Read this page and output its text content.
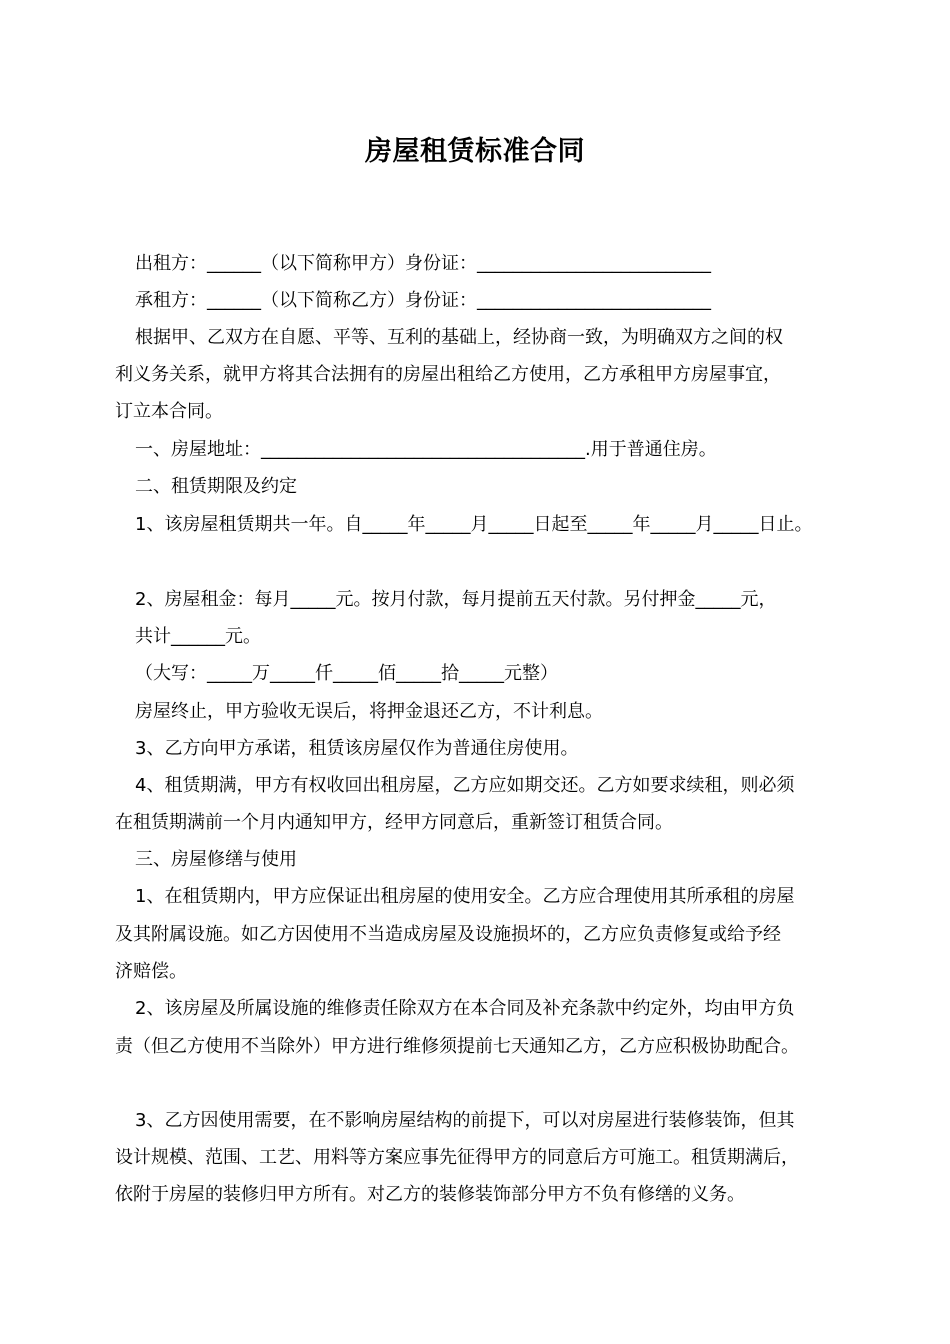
房屋租赁标准合同
出租方：______（以下简称甲方）身份证：__________________________
承租方：______（以下简称乙方）身份证：__________________________
根据甲、乙双方在自愿、平等、互利的基础上，经协商一致，为明确双方之间的权
利义务关系，就甲方将其合法拥有的房屋出租给乙方使用，乙方承租甲方房屋事宜，
订立本合同。
一、房屋地址：____________________________________.用于普通住房。
二、租赁期限及约定
1、该房屋租赁期共一年。自_____年_____月_____日起至_____年_____月_____日止。
2、房屋租金：每月_____元。按月付款，每月提前五天付款。另付押金_____元，
共计______元。
（大写：_____万_____仟_____佰_____拾_____元整）
房屋终止，甲方验收无误后，将押金退还乙方，不计利息。
3、乙方向甲方承诺，租赁该房屋仅作为普通住房使用。
4、租赁期满，甲方有权收回出租房屋，乙方应如期交还。乙方如要求续租，则必须
在租赁期满前一个月内通知甲方，经甲方同意后，重新签订租赁合同。
三、房屋修缮与使用
1、在租赁期内，甲方应保证出租房屋的使用安全。乙方应合理使用其所承租的房屋
及其附属设施。如乙方因使用不当造成房屋及设施损坏的，乙方应负责修复或给予经
济赔偿。
2、该房屋及所属设施的维修责任除双方在本合同及补充条款中约定外，均由甲方负
责（但乙方使用不当除外）甲方进行维修须提前七天通知乙方，乙方应积极协助配合。
3、乙方因使用需要，在不影响房屋结构的前提下，可以对房屋进行装修装饰，但其
设计规模、范围、工艺、用料等方案应事先征得甲方的同意后方可施工。租赁期满后，
依附于房屋的装修归甲方所有。对乙方的装修装饰部分甲方不负有修缮的义务。
